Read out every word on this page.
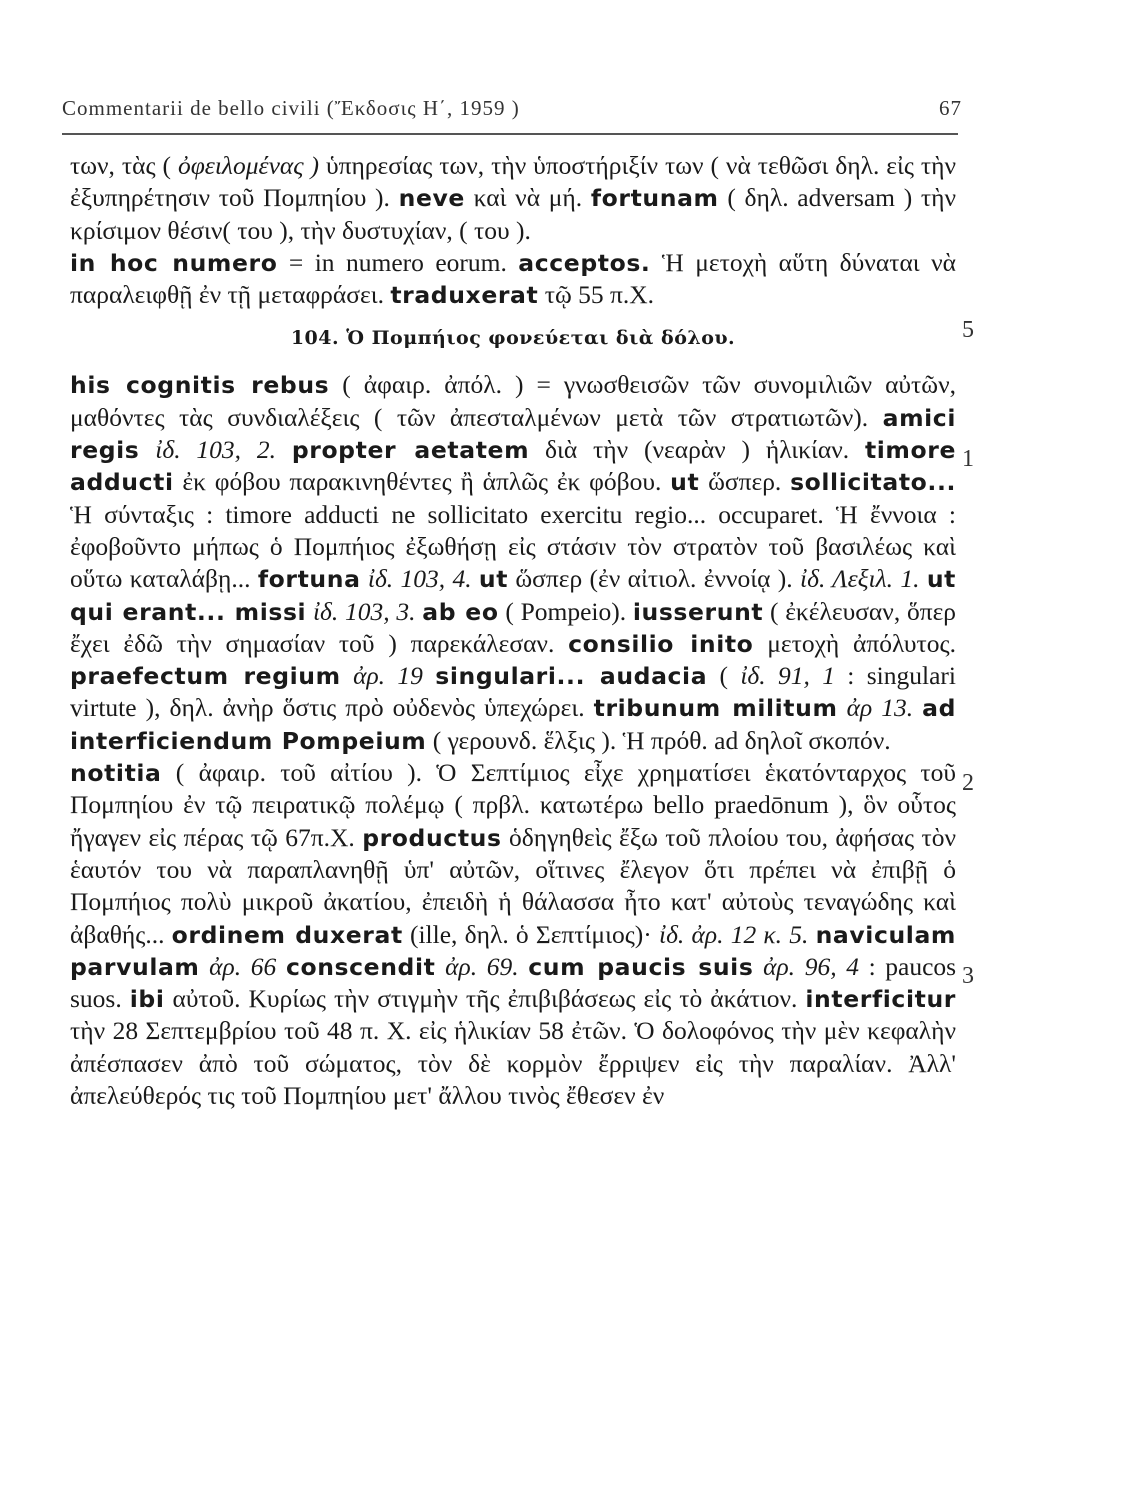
Commentarii de bello civili (Ἔκδοσις Η΄, 1959 )	67
5
1
2
3

των, τὰς ( ὀφειλομένας ) ὑπηρεσίας των, τὴν ὑποστήριξίν των ( νὰ τεθῶσι δηλ. εἰς τὴν ἐξυπηρέτησιν τοῦ Πομπηίου ). neve καὶ νὰ μή. fortunam ( δηλ. adversam ) τὴν κρίσιμον θέσιν( του ), τὴν δυστυχίαν, ( του ).

in hoc numero = in numero eorum. acceptos. Ἡ μετοχὴ αὕτη δύναται νὰ παραλειφθῇ ἐν τῇ μεταφράσει. traduxerat τῷ 55 π.Χ.

104. Ὁ Πομπήιος φονεύεται διὰ δόλου.

his cognitis rebus ( ἀφαιρ. ἀπόλ. ) = γνωσθεισῶν τῶν συνομιλιῶν αὐτῶν, μαθόντες τὰς συνδιαλέξεις ( τῶν ἀπεσταλμένων μετὰ τῶν στρατιωτῶν). amici regis ἰδ. 103, 2. propter aetatem διὰ τὴν (νεαρὰν ) ἡλικίαν. timore adducti ἐκ φόβου παρακινηθέντες ἢ ἁπλῶς ἐκ φόβου. ut ὥσπερ. sollicitato... Ἡ σύνταξις : timore adducti ne sollicitato exercitu regio... occuparet. Ἡ ἔννοια : ἐφοβοῦντο μήπως ὁ Πομπήιος ἐξωθήσῃ εἰς στάσιν τὸν στρατὸν τοῦ βασιλέως καὶ οὕτω καταλάβῃ... fortuna ἰδ. 103, 4. ut ὥσπερ (ἐν αἰτιολ. ἐννοίᾳ ). ἰδ. Λεξιλ. 1. ut qui erant... missi ἰδ. 103, 3. ab eo ( Pompeio). iusserunt ( ἐκέλευσαν, ὅπερ ἔχει ἐδῶ τὴν σημασίαν τοῦ ) παρεκάλεσαν. consilio inito μετοχὴ ἀπόλυτος. praefectum regium ἀρ. 19 singulari... audacia ( ἰδ. 91, 1 : singulari virtute ), δηλ. ἀνὴρ ὅστις πρὸ οὐδενὸς ὑπεχώρει. tribunum militum ἀρ 13. ad interficiendum Pompeium ( γερουνδ. ἕλξις ). Ἡ πρόθ. ad δηλοῖ σκοπόν.

notitia ( ἀφαιρ. τοῦ αἰτίου ). Ὁ Σεπτίμιος εἶχε χρηματίσει ἑκατόνταρχος τοῦ Πομπηίου ἐν τῷ πειρατικῷ πολέμῳ ( πρβλ. κατωτέρω bello praedōnum ), ὃν οὗτος ἤγαγεν εἰς πέρας τῷ 67π.Χ. productus ὁδηγηθεὶς ἔξω τοῦ πλοίου του, ἀφήσας τὸν ἑαυτόν του νὰ παραπλανηθῇ ὑπ' αὐτῶν, οἵτινες ἔλεγον ὅτι πρέπει νὰ ἐπιβῇ ὁ Πομπήιος πολὺ μικροῦ ἀκατίου, ἐπειδὴ ἡ θάλασσα ἦτο κατ' αὐτοὺς τεναγώδης καὶ ἀβαθής... ordinem duxerat (ille, δηλ. ὁ Σεπτίμιος)· ἰδ. ἀρ. 12 κ. 5. naviculam parvulam ἀρ. 66 conscendit ἀρ. 69. cum paucis suis ἀρ. 96, 4 : paucos suos. ibi αὐτοῦ. Κυρίως τὴν στιγμὴν τῆς ἐπιβιβάσεως εἰς τὸ ἀκάτιον. interficitur τὴν 28 Σεπτεμβρίου τοῦ 48 π. Χ. εἰς ἡλικίαν 58 ἐτῶν. Ὁ δολοφόνος τὴν μὲν κεφαλὴν ἀπέσπασεν ἀπὸ τοῦ σώματος, τὸν δὲ κορμὸν ἔρριψεν εἰς τὴν παραλίαν. Ἀλλ' ἀπελεύθερός τις τοῦ Πομπηίου μετ' ἄλλου τινὸς ἔθεσεν ἐν
